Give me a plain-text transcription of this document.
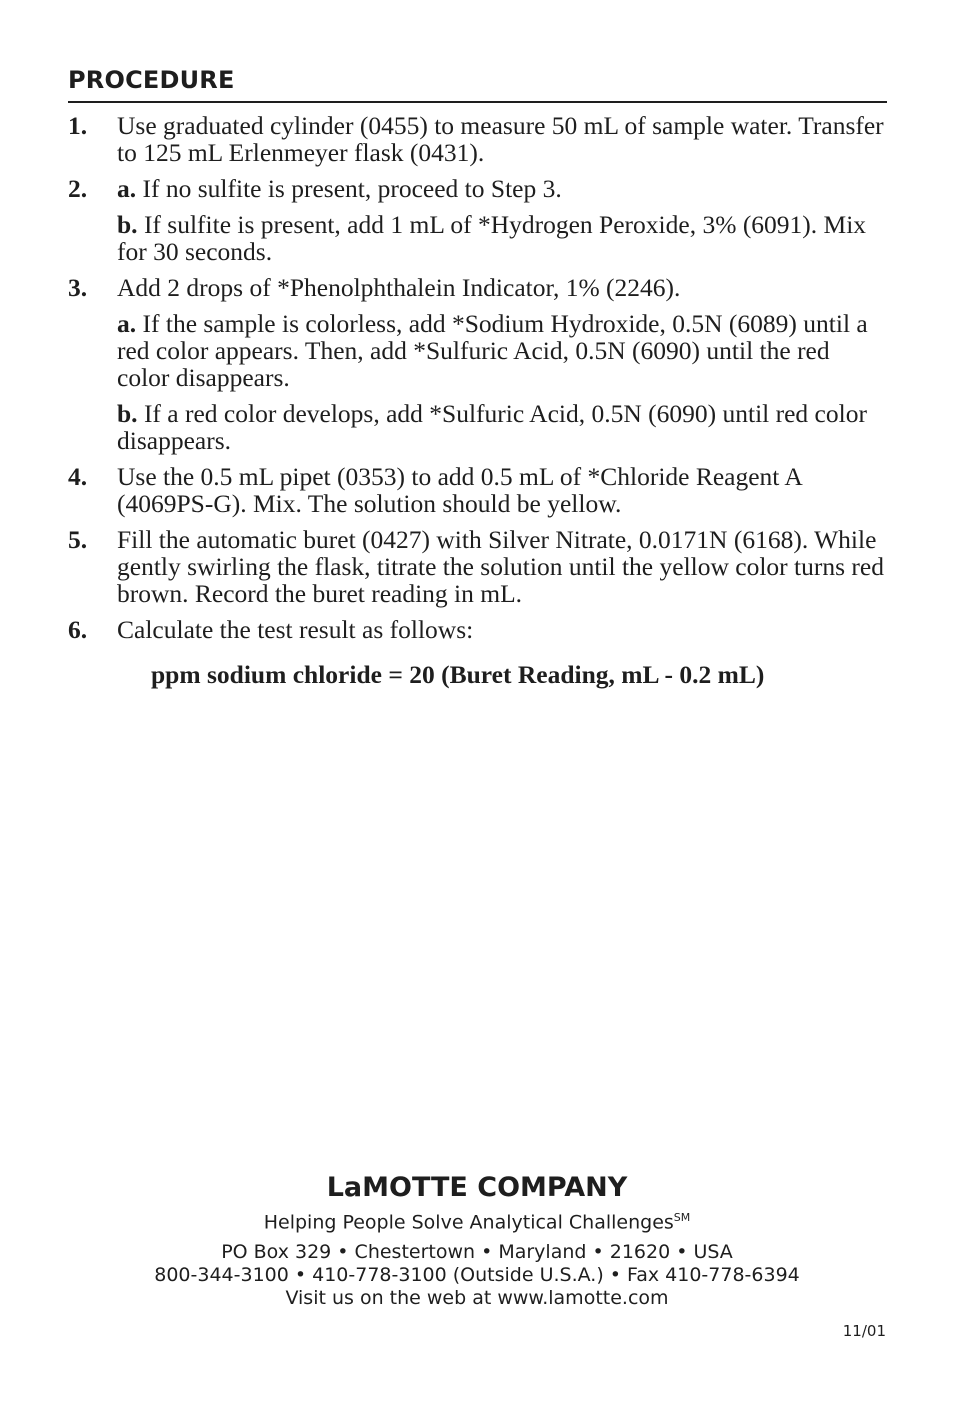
PROCEDURE
1.	Use graduated cylinder (0455) to measure 50 mL of sample water. Transfer to 125 mL Erlenmeyer flask (0431).

2.	a. If no sulfite is present, proceed to Step 3.

b. If sulfite is present, add 1 mL of *Hydrogen Peroxide, 3% (6091). Mix for 30 seconds.

3.	Add 2 drops of *Phenolphthalein Indicator, 1% (2246).

a. If the sample is colorless, add *Sodium Hydroxide, 0.5N (6089) until a red color appears. Then, add *Sulfuric Acid, 0.5N (6090) until the red color disappears.

b. If a red color develops, add *Sulfuric Acid, 0.5N (6090) until red color disappears.

4.	Use the 0.5 mL pipet (0353) to add 0.5 mL of *Chloride Reagent A (4069PS-G). Mix. The solution should be yellow.

5.	Fill the automatic buret (0427) with Silver Nitrate, 0.0171N (6168). While gently swirling the flask, titrate the solution until the yellow color turns red brown. Record the buret reading in mL.

6.	Calculate the test result as follows:

ppm sodium chloride = 20 (Buret Reading, mL - 0.2 mL)
LaMOTTE COMPANY
Helping People Solve Analytical Challenges℠
PO Box 329 • Chestertown • Maryland • 21620 • USA
800-344-3100 • 410-778-3100 (Outside U.S.A.) • Fax 410-778-6394
Visit us on the web at www.lamotte.com
11/01
